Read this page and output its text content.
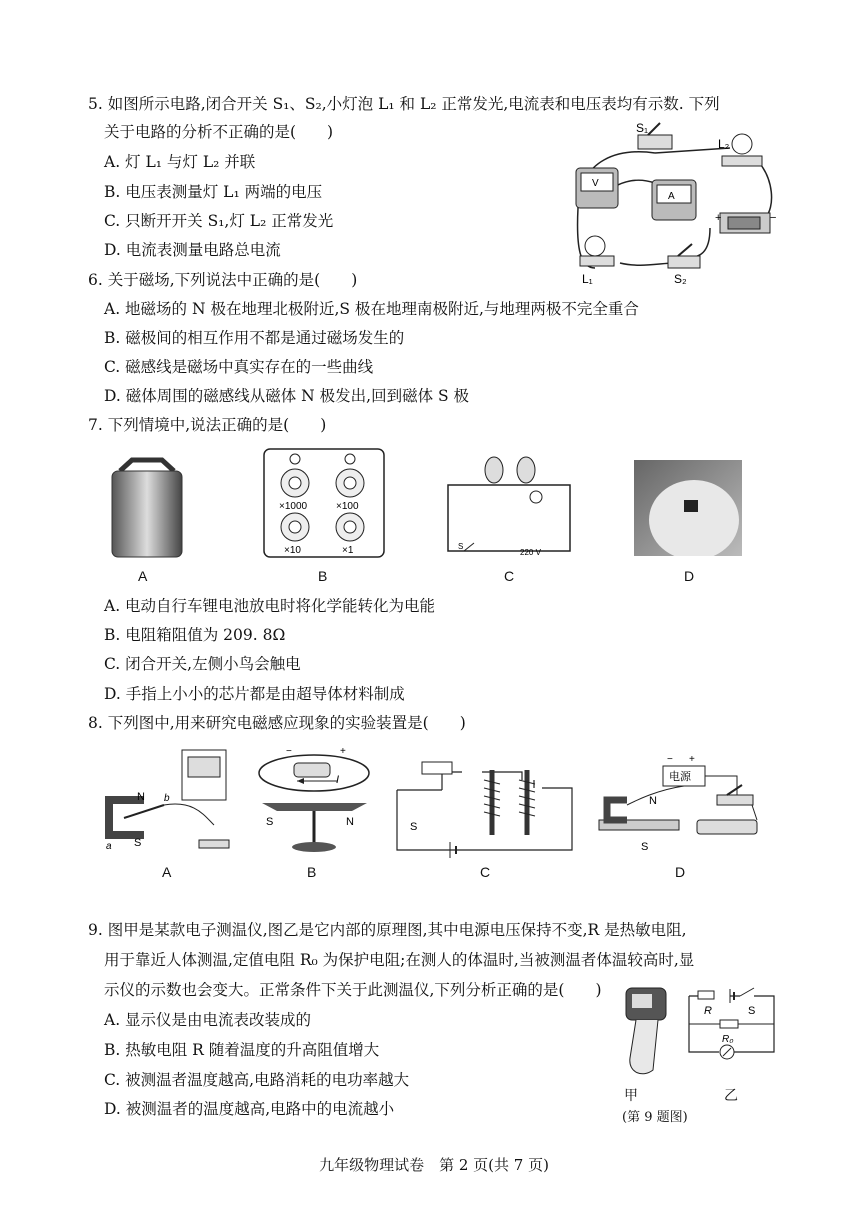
5. 如图所示电路,闭合开关 S₁、S₂,小灯泡 L₁ 和 L₂ 正常发光,电流表和电压表均有示数. 下列
关于电路的分析不正确的是(　　)
A. 灯 L₁ 与灯 L₂ 并联
B. 电压表测量灯 L₁ 两端的电压
C. 只断开开关 S₁,灯 L₂ 正常发光
D. 电流表测量电路总电流
S₁
L₂
V
A
+	−
L₁	S₂
6. 关于磁场,下列说法中正确的是(　　)
A. 地磁场的 N 极在地理北极附近,S 极在地理南极附近,与地理两极不完全重合
B. 磁极间的相互作用不都是通过磁场发生的
C. 磁感线是磁场中真实存在的一些曲线
D. 磁体周围的磁感线从磁体 N 极发出,回到磁体 S 极
7. 下列情境中,说法正确的是(　　)
A
×1000	×100
×10	×1
B
S
220 V
C	D
A. 电动自行车锂电池放电时将化学能转化为电能
B. 电阻箱阻值为 209. 8Ω
C. 闭合开关,左侧小鸟会触电
D. 手指上小小的芯片都是由超导体材料制成
8. 下列图中,用来研究电磁感应现象的实验装置是(　　)
N
S
b
a
A
I
−	+
S	N
B
S
C
电源
− +
N
S
D
9. 图甲是某款电子测温仪,图乙是它内部的原理图,其中电源电压保持不变,R 是热敏电阻,
用于靠近人体测温,定值电阻 R₀ 为保护电阻;在测人的体温时,当被测温者体温较高时,显
示仪的示数也会变大。正常条件下关于此测温仪,下列分析正确的是(　　)
A. 显示仪是由电流表改装成的
B. 热敏电阻 R 随着温度的升高阻值增大
C. 被测温者温度越高,电路消耗的电功率越大
D. 被测温者的温度越高,电路中的电流越小
甲
R	S
R₀
乙
(第 9 题图)
九年级物理试卷　第 2 页(共 7 页)
